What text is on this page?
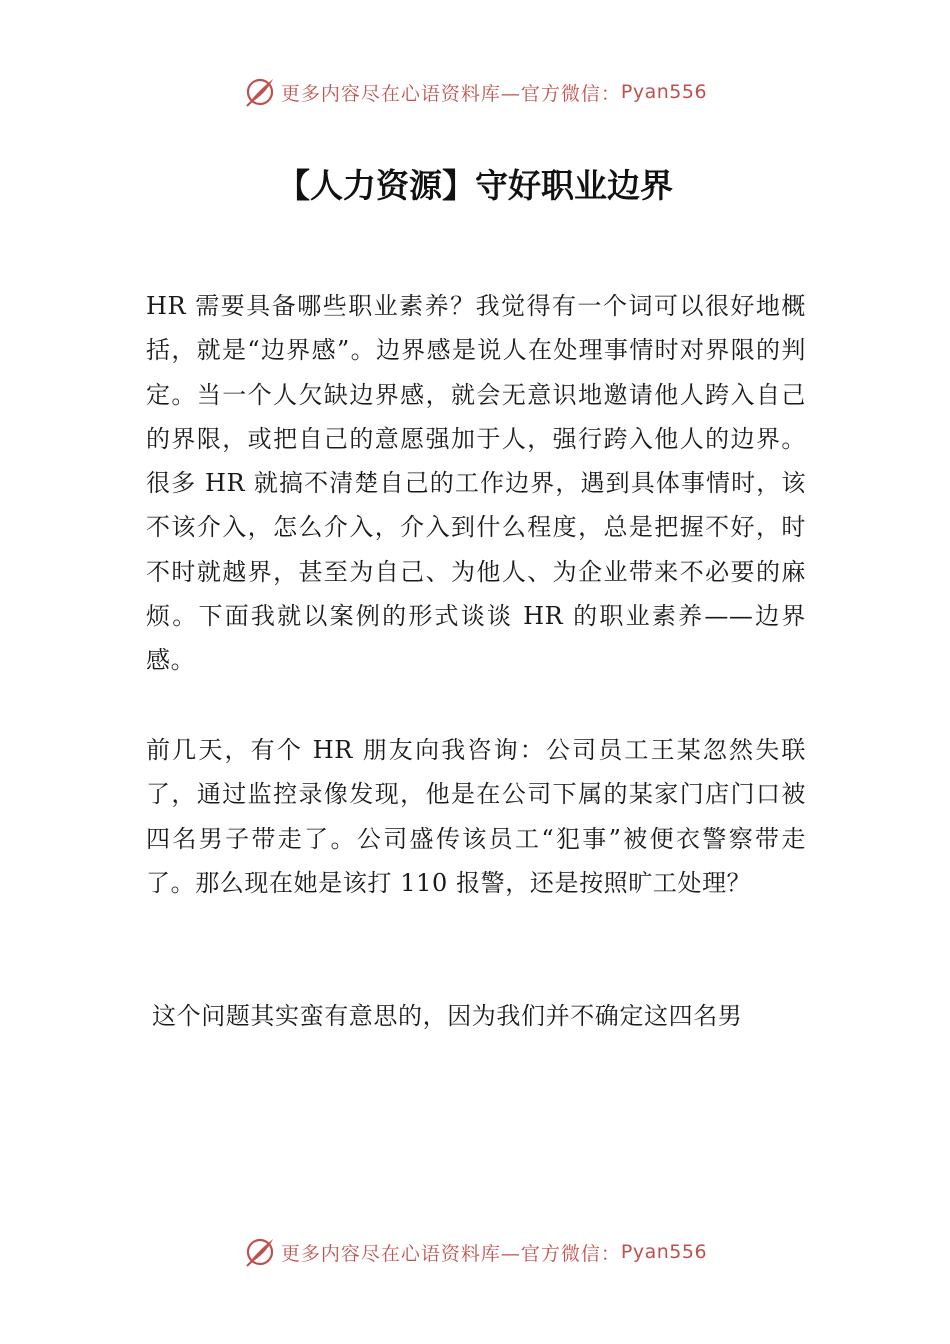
更多内容尽在心语资料库—官方微信： Pyan556
【人力资源】守好职业边界

HR 需要具备哪些职业素养？我觉得有一个词可以很好地概括，就是“边界感”。边界感是说人在处理事情时对界限的判定。当一个人欠缺边界感，就会无意识地邀请他人跨入自己的界限，或把自己的意愿强加于人，强行跨入他人的边界。很多 HR 就搞不清楚自己的工作边界，遇到具体事情时，该不该介入，怎么介入，介入到什么程度，总是把握不好，时不时就越界，甚至为自己、为他人、为企业带来不必要的麻烦。下面我就以案例的形式谈谈 HR 的职业素养——边界感。

前几天，有个 HR 朋友向我咨询：公司员工王某忽然失联了，通过监控录像发现，他是在公司下属的某家门店门口被四名男子带走了。公司盛传该员工“犯事”被便衣警察带走了。那么现在她是该打 110 报警，还是按照旷工处理？

这个问题其实蛮有意思的，因为我们并不确定这四名男

更多内容尽在心语资料库—官方微信： Pyan556
